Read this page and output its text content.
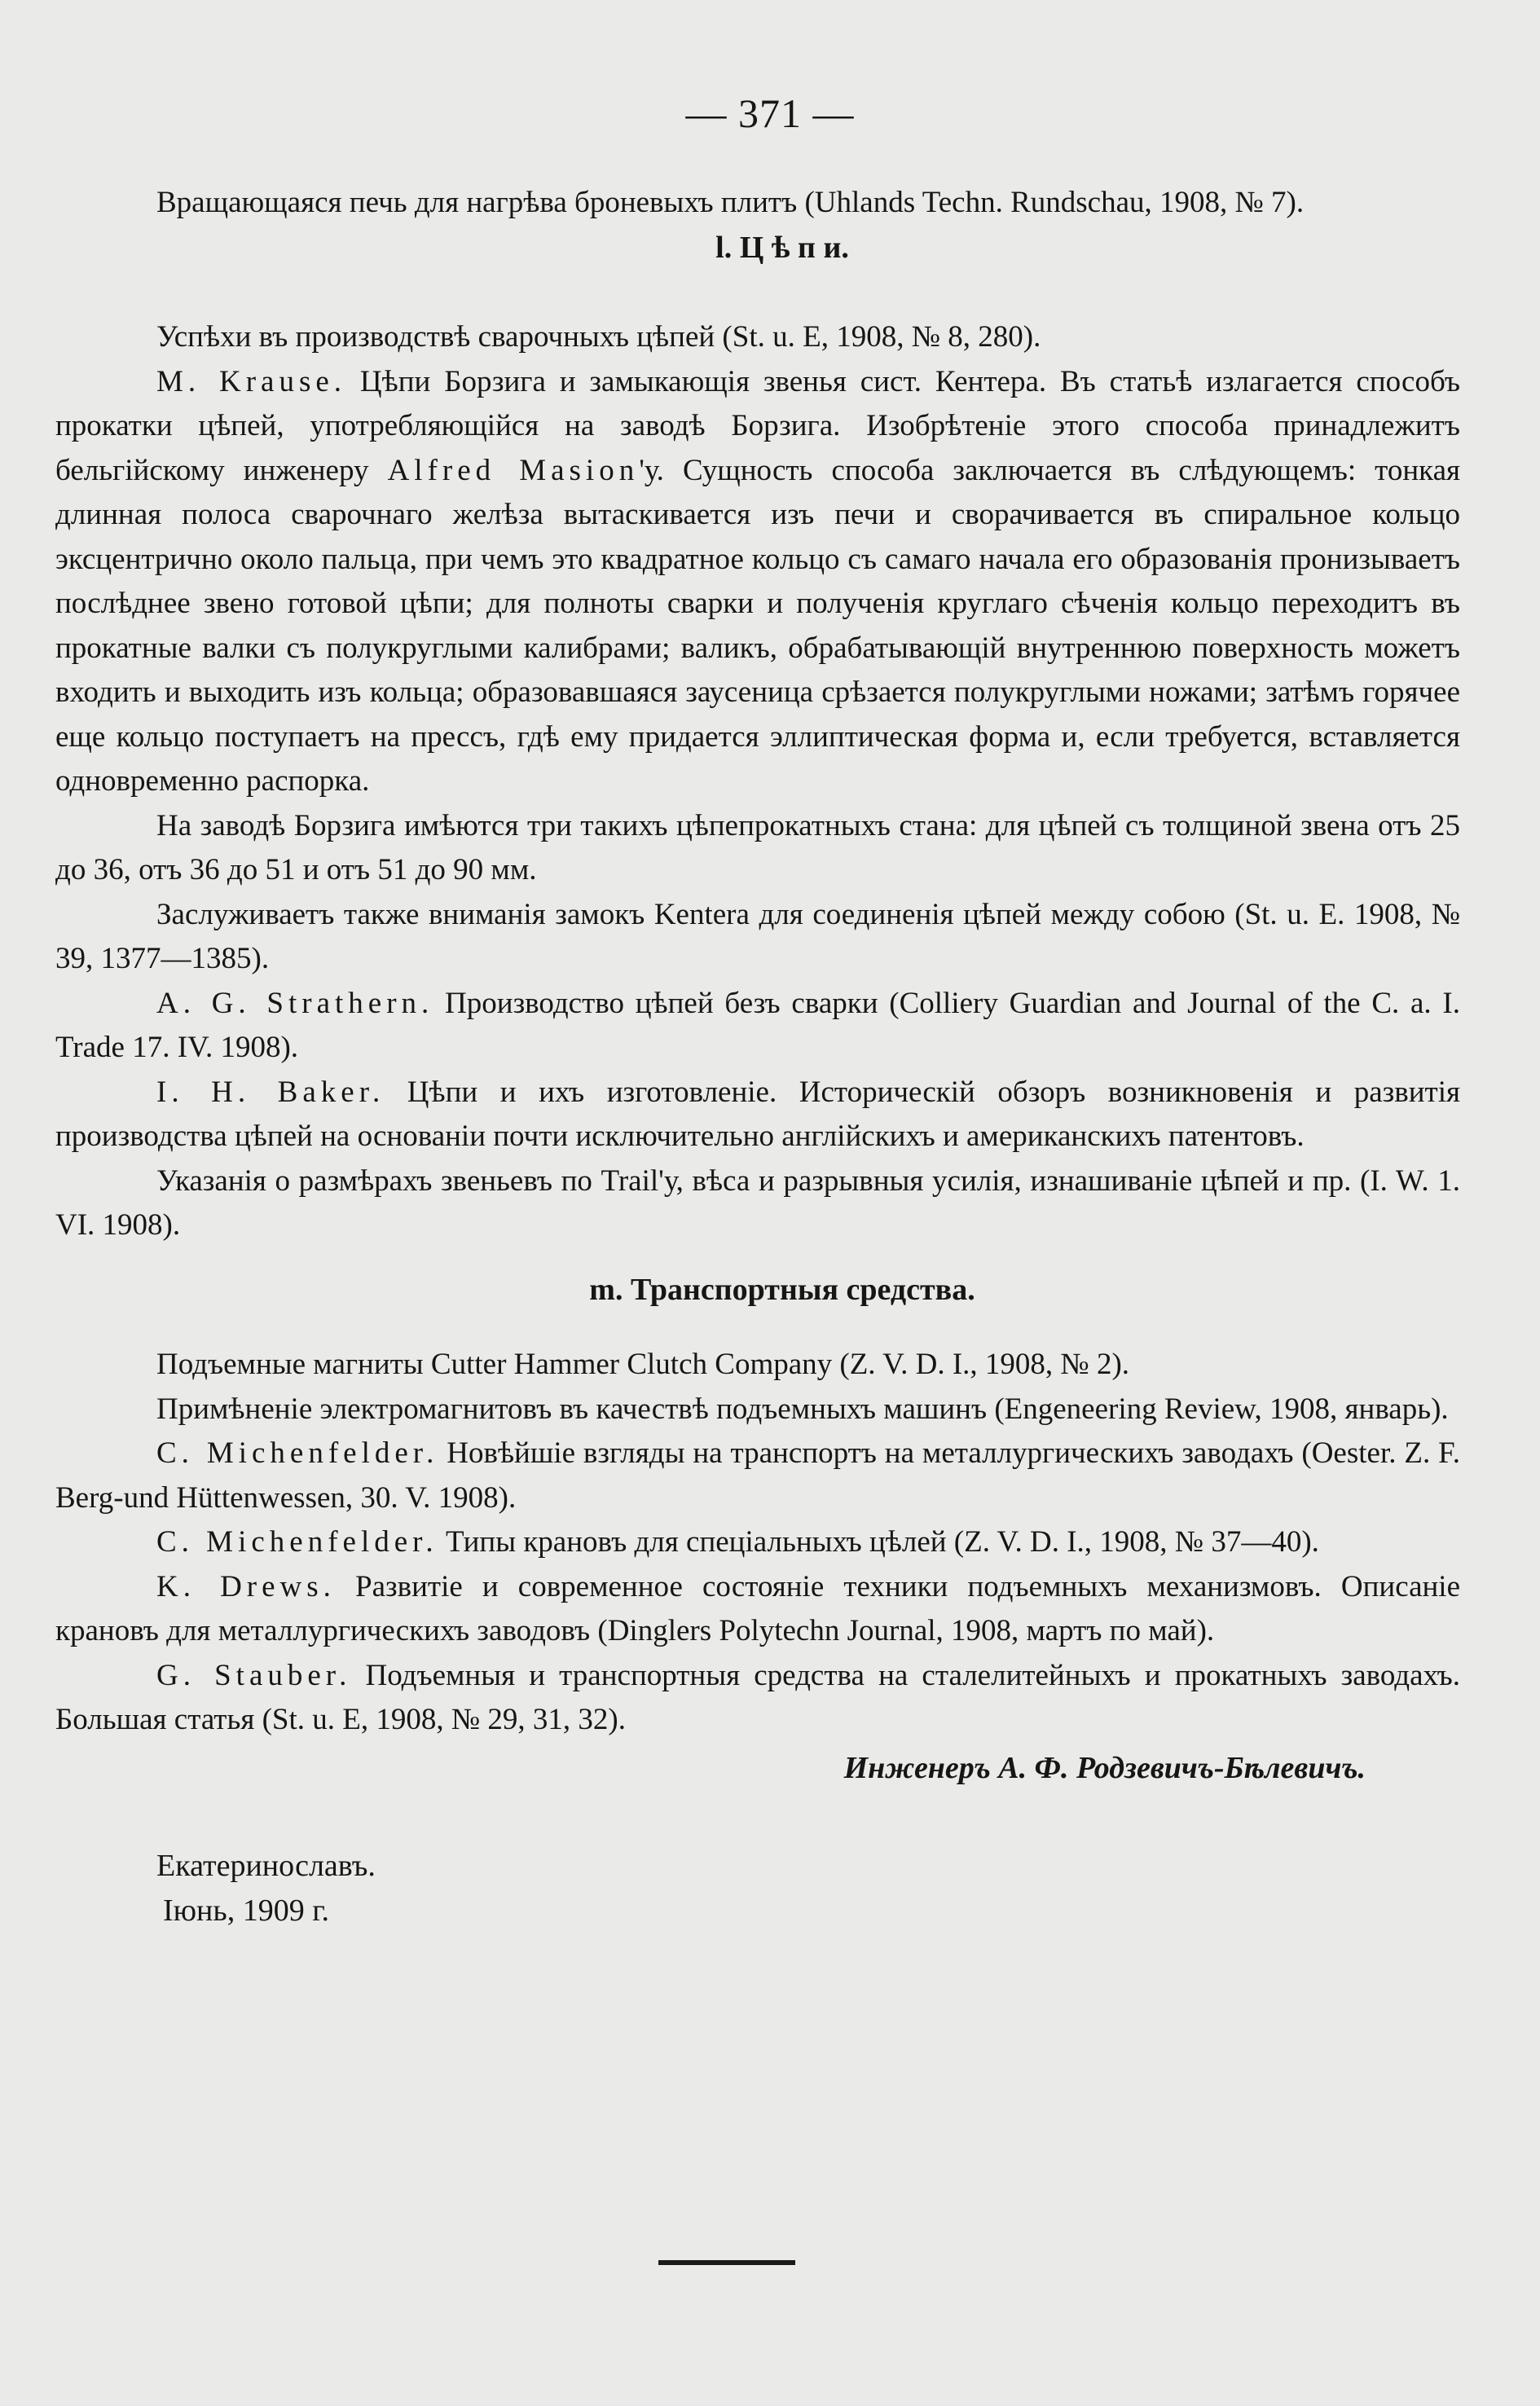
— 371 —

Вращающаяся печь для нагрѣва броневыхъ плитъ (Uhlands Techn. Rundschau, 1908, № 7).

l. Ц ѣ п и.

Успѣхи въ производствѣ сварочныхъ цѣпей (St. u. E, 1908, № 8, 280).

M. Krause. Цѣпи Борзига и замыкающія звенья сист. Кентера. Въ статьѣ излагается способъ прокатки цѣпей, употребляющійся на заводѣ Борзига. Изобрѣтеніе этого способа принадлежитъ бельгійскому инженеру Alfred Masion'у. Сущность способа заключается въ слѣдующемъ: тонкая длинная полоса сварочнаго желѣза вытаскивается изъ печи и сворачивается въ спиральное кольцо эксцентрично около пальца, при чемъ это квадратное кольцо съ самаго начала его образованія пронизываетъ послѣднее звено готовой цѣпи; для полноты сварки и полученія круглаго сѣченія кольцо переходитъ въ прокатные валки съ полукруглыми калибрами; валикъ, обрабатывающій внутреннюю поверхность можетъ входить и выходить изъ кольца; образовавшаяся заусеница срѣзается полукруглыми ножами; затѣмъ горячее еще кольцо поступаетъ на прессъ, гдѣ ему придается эллиптическая форма и, если требуется, вставляется одновременно распорка.

На заводѣ Борзига имѣются три такихъ цѣпепрокатныхъ стана: для цѣпей съ толщиной звена отъ 25 до 36, отъ 36 до 51 и отъ 51 до 90 мм.

Заслуживаетъ также вниманія замокъ Kentera для соединенія цѣпей между собою (St. u. E. 1908, № 39, 1377—1385).

A. G. Strathern. Производство цѣпей безъ сварки (Colliery Guardian and Journal of the C. a. I. Trade 17. IV. 1908).

I. H. Baker. Цѣпи и ихъ изготовленіе. Историческій обзоръ возникновенія и развитія производства цѣпей на основаніи почти исключительно англійскихъ и американскихъ патентовъ.

Указанія о размѣрахъ звеньевъ по Trail'у, вѣса и разрывныя усилія, изнашиваніе цѣпей и пр. (I. W. 1. VI. 1908).

m. Транспортныя средства.

Подъемные магниты Cutter Hammer Clutch Company (Z. V. D. I., 1908, № 2).

Примѣненіе электромагнитовъ въ качествѣ подъемныхъ машинъ (Engeneering Review, 1908, январь).

C. Michenfelder. Новѣйшіе взгляды на транспортъ на металлургическихъ заводахъ (Oester. Z. F. Berg-und Hüttenwessen, 30. V. 1908).

C. Michenfelder. Типы крановъ для спеціальныхъ цѣлей (Z. V. D. I., 1908, № 37—40).

K. Drews. Развитіе и современное состояніе техники подъемныхъ механизмовъ. Описаніе крановъ для металлургическихъ заводовъ (Dinglers Polytechn Journal, 1908, мартъ по май).

G. Stauber. Подъемныя и транспортныя средства на сталелитейныхъ и прокатныхъ заводахъ. Большая статья (St. u. E, 1908, № 29, 31, 32).

Инженеръ А. Ф. Родзевичъ-Бѣлевичъ.

Екатеринославъ.
Іюнь, 1909 г.
